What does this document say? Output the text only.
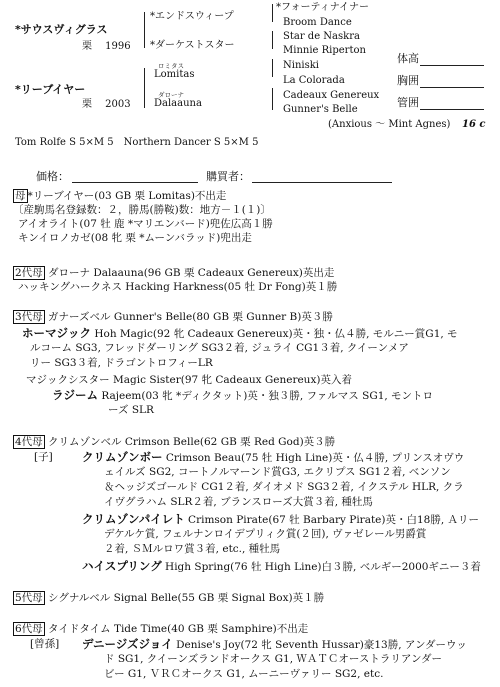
*サウスヴィグラス
栗　 1996
*リーブイヤー
栗　 2003
*エンドスウィープ
*ダーケストスター
ロミタス
Lomitas
ダローナ
Dalaauna
*フォーティナイナー
Broom Dance
Star de Naskra
Minnie Riperton
Niniski
La Colorada
Cadeaux Genereux
Gunner's Belle
体高
胸囲
管囲
(Anxious ～ Mint Agnes) 16 c
Tom Rolfe S 5×M 5　Northern Dancer S 5×M 5
価格：	購買者：
母 *リーブイヤー(03 GB 栗 Lomitas)不出走
〔産駒馬名登録数：２，勝馬(勝鞍)数：地方－１(１)〕
アイオライト(07 牡 鹿 *マリエンバード)兜佐広高１勝
キンイロノカゼ(08 牝 栗 *ムーンバラッド)兜出走
2代母 ダローナ Dalaauna(96 GB 栗 Cadeaux Genereux)英出走
ハッキングハークネス Hacking Harkness(05 牡 Dr Fong)英１勝
3代母 ガナーズベル Gunner's Belle(80 GB 栗 Gunner B)英３勝
ホーマジック Hoh Magic(92 牝 Cadeaux Genereux)英・独・仏４勝, モルニー賞G1, モ
ルコーム SG3, フレッドダーリング SG3２着, ジュライ CG1３着, クイーンメア
リー SG3３着, ドラゴントロフィーLR
マジックシスター Magic Sister(97 牝 Cadeaux Genereux)英入着
ラジーム Rajeem(03 牝 *ディクタット)英・独３勝, ファルマス SG1, モントロ
ーズ SLR
4代母 クリムゾンベル Crimson Belle(62 GB 栗 Red God)英３勝
[子]	クリムゾンボー Crimson Beau(75 牡 High Line)英・仏４勝, プリンスオヴウ
ェイルズ SG2, コートノルマーンド賞G3, エクリプス SG1２着, ベンソン
＆ヘッジズゴールド CG1２着, ダイオメド SG3２着, イクステル HLR, クラ
イヴグラハム SLR２着, ブランスローズ大賞３着, 種牡馬
クリムゾンパイレト Crimson Pirate(67 牡 Barbary Pirate)英・白18勝, Ａリー
デケルケ賞, フェルナンロイデプリィク賞(２回), ヴァゼレール男爵賞
２着, ＳＭルロワ賞３着, etc., 種牡馬
ハイスプリング High Spring(76 牡 High Line)白３勝, ベルギー2000ギニー３着
5代母 シグナルベル Signal Belle(55 GB 栗 Signal Box)英１勝
6代母 タイドタイム Tide Time(40 GB 栗 Samphire)不出走
[曾孫] デニージズジョイ Denise's Joy(72 牝 Seventh Hussar)豪13勝, アンダーウッ
ド SG1, クイーンズランドオークス G1, ＷＡＴＣオーストラリアンダー
ビー G1, ＶＲＣオークス G1, ムーニーヴァリー SG2, etc.
